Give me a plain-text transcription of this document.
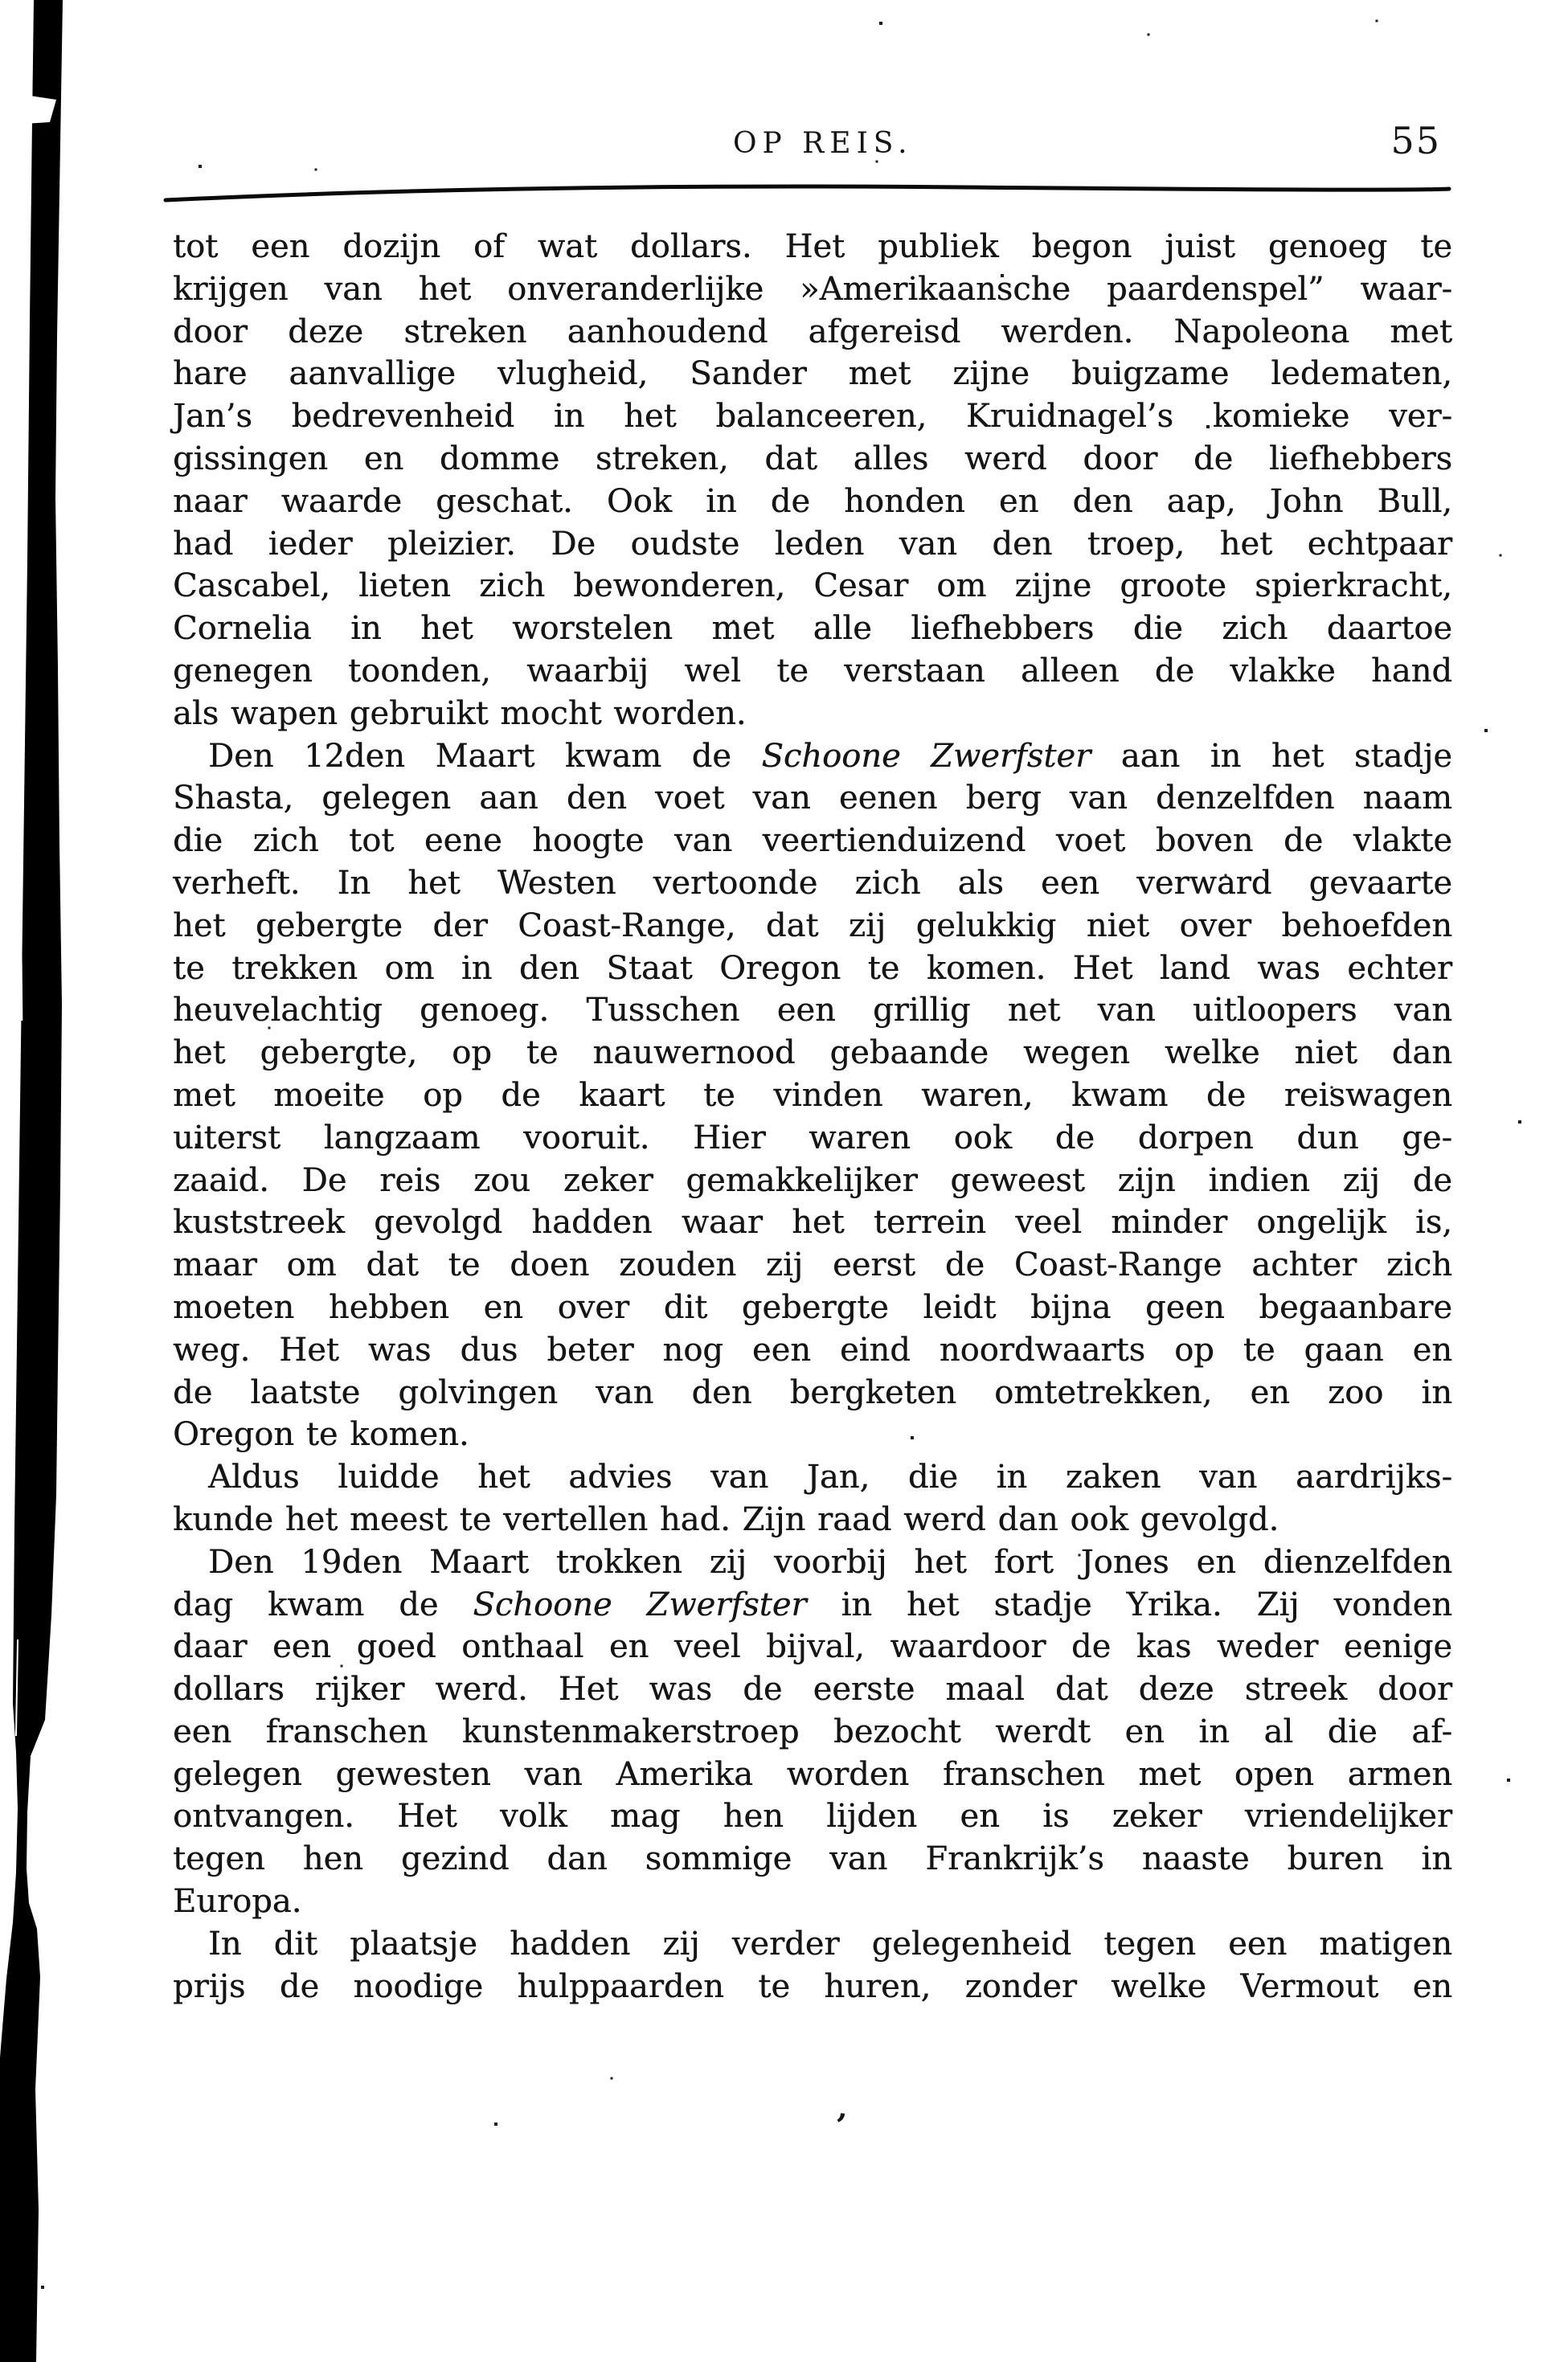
OP REIS.	55
tot een dozijn of wat dollars. Het publiek begon juist genoeg te
krijgen van het onveranderlijke »Amerikaansche paardenspel” waar-
door deze streken aanhoudend afgereisd werden. Napoleona met
hare aanvallige vlugheid, Sander met zijne buigzame ledematen,
Jan’s bedrevenheid in het balanceeren, Kruidnagel’s komieke ver-
gissingen en domme streken, dat alles werd door de liefhebbers
naar waarde geschat. Ook in de honden en den aap, John Bull,
had ieder pleizier. De oudste leden van den troep, het echtpaar
Cascabel, lieten zich bewonderen, Cesar om zijne groote spierkracht,
Cornelia in het worstelen met alle liefhebbers die zich daartoe
genegen toonden, waarbij wel te verstaan alleen de vlakke hand
als wapen gebruikt mocht worden.
Den 12den Maart kwam de Schoone Zwerfster aan in het stadje
Shasta, gelegen aan den voet van eenen berg van denzelfden naam
die zich tot eene hoogte van veertienduizend voet boven de vlakte
verheft. In het Westen vertoonde zich als een verward gevaarte
het gebergte der Coast-Range, dat zij gelukkig niet over behoefden
te trekken om in den Staat Oregon te komen. Het land was echter
heuvelachtig genoeg. Tusschen een grillig net van uitloopers van
het gebergte, op te nauwernood gebaande wegen welke niet dan
met moeite op de kaart te vinden waren, kwam de reiswagen
uiterst langzaam vooruit. Hier waren ook de dorpen dun ge-
zaaid. De reis zou zeker gemakkelijker geweest zijn indien zij de
kuststreek gevolgd hadden waar het terrein veel minder ongelijk is,
maar om dat te doen zouden zij eerst de Coast-Range achter zich
moeten hebben en over dit gebergte leidt bijna geen begaanbare
weg. Het was dus beter nog een eind noordwaarts op te gaan en
de laatste golvingen van den bergketen omtetrekken, en zoo in
Oregon te komen.
Aldus luidde het advies van Jan, die in zaken van aardrijks-
kunde het meest te vertellen had. Zijn raad werd dan ook gevolgd.
Den 19den Maart trokken zij voorbij het fort Jones en dienzelfden
dag kwam de Schoone Zwerfster in het stadje Yrika. Zij vonden
daar een goed onthaal en veel bijval, waardoor de kas weder eenige
dollars rijker werd. Het was de eerste maal dat deze streek door
een franschen kunstenmakerstroep bezocht werdt en in al die af-
gelegen gewesten van Amerika worden franschen met open armen
ontvangen. Het volk mag hen lijden en is zeker vriendelijker
tegen hen gezind dan sommige van Frankrijk’s naaste buren in
Europa.
In dit plaatsje hadden zij verder gelegenheid tegen een matigen
prijs de noodige hulppaarden te huren, zonder welke Vermout en
ʼ
